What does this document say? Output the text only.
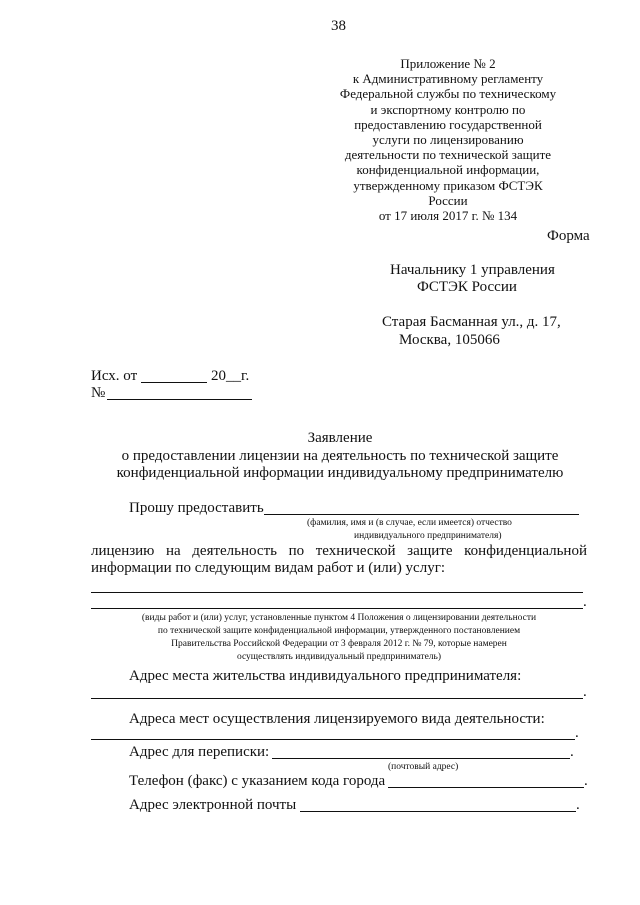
38
Приложение № 2
к Административному регламенту
Федеральной службы по техническому
и экспортному контролю по
предоставлению государственной
услуги по лицензированию
деятельности по технической защите
конфиденциальной информации,
утвержденному приказом ФСТЭК России
от 17 июля 2017 г. № 134
Форма
Начальнику 1 управления
ФСТЭК России
Старая Басманная ул., д. 17,
Москва, 105066
Исх. от	20__г.
№
Заявление
о предоставлении лицензии на деятельность по технической защите
конфиденциальной информации индивидуальному предпринимателю
Прошу предоставить
(фамилия, имя и (в случае, если имеется) отчество
индивидуального предпринимателя)
лицензию на деятельность по технической защите конфиденциальной
информации по следующим видам работ и (или) услуг:
.
(виды работ и (или) услуг, установленные пунктом 4 Положения о лицензировании деятельности
по технической защите конфиденциальной информации, утвержденного постановлением
Правительства Российской Федерации от 3 февраля 2012 г. № 79, которые намерен
осуществлять индивидуальный предприниматель)
Адрес места жительства индивидуального предпринимателя:
.
Адреса мест осуществления лицензируемого вида деятельности:
.
Адрес для переписки:	.
(почтовый адрес)
Телефон (факс) с указанием кода города	.
Адрес электронной почты	.
